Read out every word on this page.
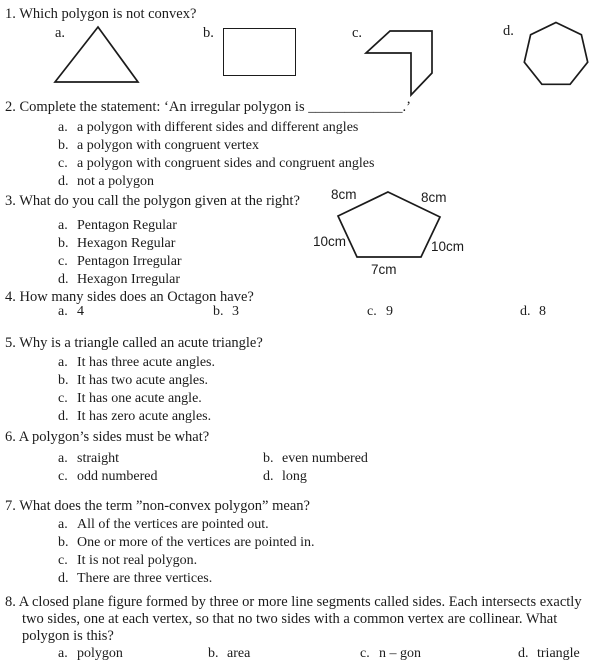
1. Which polygon is not convex?
a.	b.	c.	d.
2. Complete the statement: ‘An irregular polygon is _____________.’
a. a polygon with different sides and different angles
b. a polygon with congruent vertex
c. a polygon with congruent sides and congruent angles
d. not a polygon
3. What do you call the polygon given at the right?
a. Pentagon Regular
b. Hexagon Regular
c. Pentagon Irregular
d. Hexagon Irregular
8cm	8cm
10cm	10cm
7cm
4. How many sides does an Octagon have?
a. 4	b. 3	c. 9	d. 8
5. Why is a triangle called an acute triangle?
a. It has three acute angles.
b. It has two acute angles.
c. It has one acute angle.
d. It has zero acute angles.
6. A polygon’s sides must be what?
a. straight	b. even numbered
c. odd numbered	d. long
7. What does the term ”non-convex polygon” mean?
a. All of the vertices are pointed out.
b. One or more of the vertices are pointed in.
c. It is not real polygon.
d. There are three vertices.
8. A closed plane figure formed by three or more line segments called sides. Each intersects exactly
two sides, one at each vertex, so that no two sides with a common vertex are collinear. What
polygon is this?
a. polygon	b. area	c. n – gon	d. triangle
